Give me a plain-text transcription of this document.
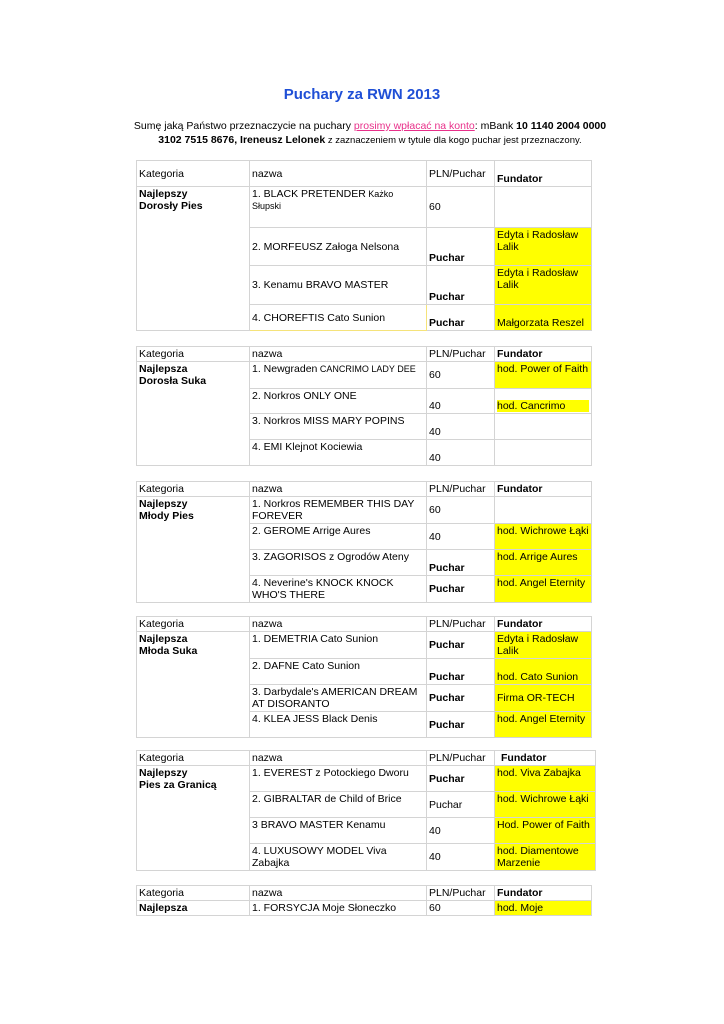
Puchary za RWN 2013
Sumę jaką Państwo przeznaczycie na puchary prosimy wpłacać na konto: mBank 10 1140 2004 0000
3102 7515 8676, Ireneusz Lelonek z zaznaczeniem w tytule dla kogo puchar jest przeznaczony.
Kategoria	nazwa	PLN/Puchar	Fundator
Najlepszy
Dorosły Pies	1. BLACK PRETENDER Każko Słupski	60	
	2. MORFEUSZ Załoga Nelsona	Puchar	Edyta i Radosław Lalik
	3. Kenamu BRAVO MASTER	Puchar	Edyta i Radosław Lalik
	4. CHOREFTIS Cato Sunion	Puchar	Małgorzata Reszel
Kategoria	nazwa	PLN/Puchar	Fundator
Najlepsza
Dorosła Suka	1. Newgraden CANCRIMO LADY DEE	60	hod. Power of Faith
	2. Norkros ONLY ONE	40	hod. Cancrimo
	3. Norkros MISS MARY POPINS	40	
	4. EMI Klejnot Kociewia	40	
Kategoria	nazwa	PLN/Puchar	Fundator
Najlepszy
Młody Pies	1. Norkros REMEMBER THIS DAY FOREVER	60	
	2. GEROME Arrige Aures	40	hod. Wichrowe Łąki
	3. ZAGORISOS z Ogrodów Ateny	Puchar	hod. Arrige Aures
	4. Neverine's KNOCK KNOCK WHO'S THERE	Puchar	hod. Angel Eternity
Kategoria	nazwa	PLN/Puchar	Fundator
Najlepsza
Młoda Suka	1. DEMETRIA Cato Sunion	Puchar	Edyta i Radosław Lalik
	2. DAFNE Cato Sunion	Puchar	hod. Cato Sunion
	3. Darbydale's AMERICAN DREAM AT DISORANTO	Puchar	Firma OR-TECH
	4. KLEA JESS Black Denis	Puchar	hod. Angel Eternity
Kategoria	nazwa	PLN/Puchar	Fundator
Najlepszy
Pies za Granicą	1. EVEREST z Potockiego Dworu	Puchar	hod. Viva Zabajka
	2. GIBRALTAR de Child of Brice	Puchar	hod. Wichrowe Łąki
	3 BRAVO MASTER Kenamu	40	Hod. Power of Faith
	4. LUXUSOWY MODEL Viva Zabajka	40	hod. Diamentowe Marzenie
Kategoria	nazwa	PLN/Puchar	Fundator
Najlepsza	1. FORSYCJA Moje Słoneczko	60	hod. Moje
